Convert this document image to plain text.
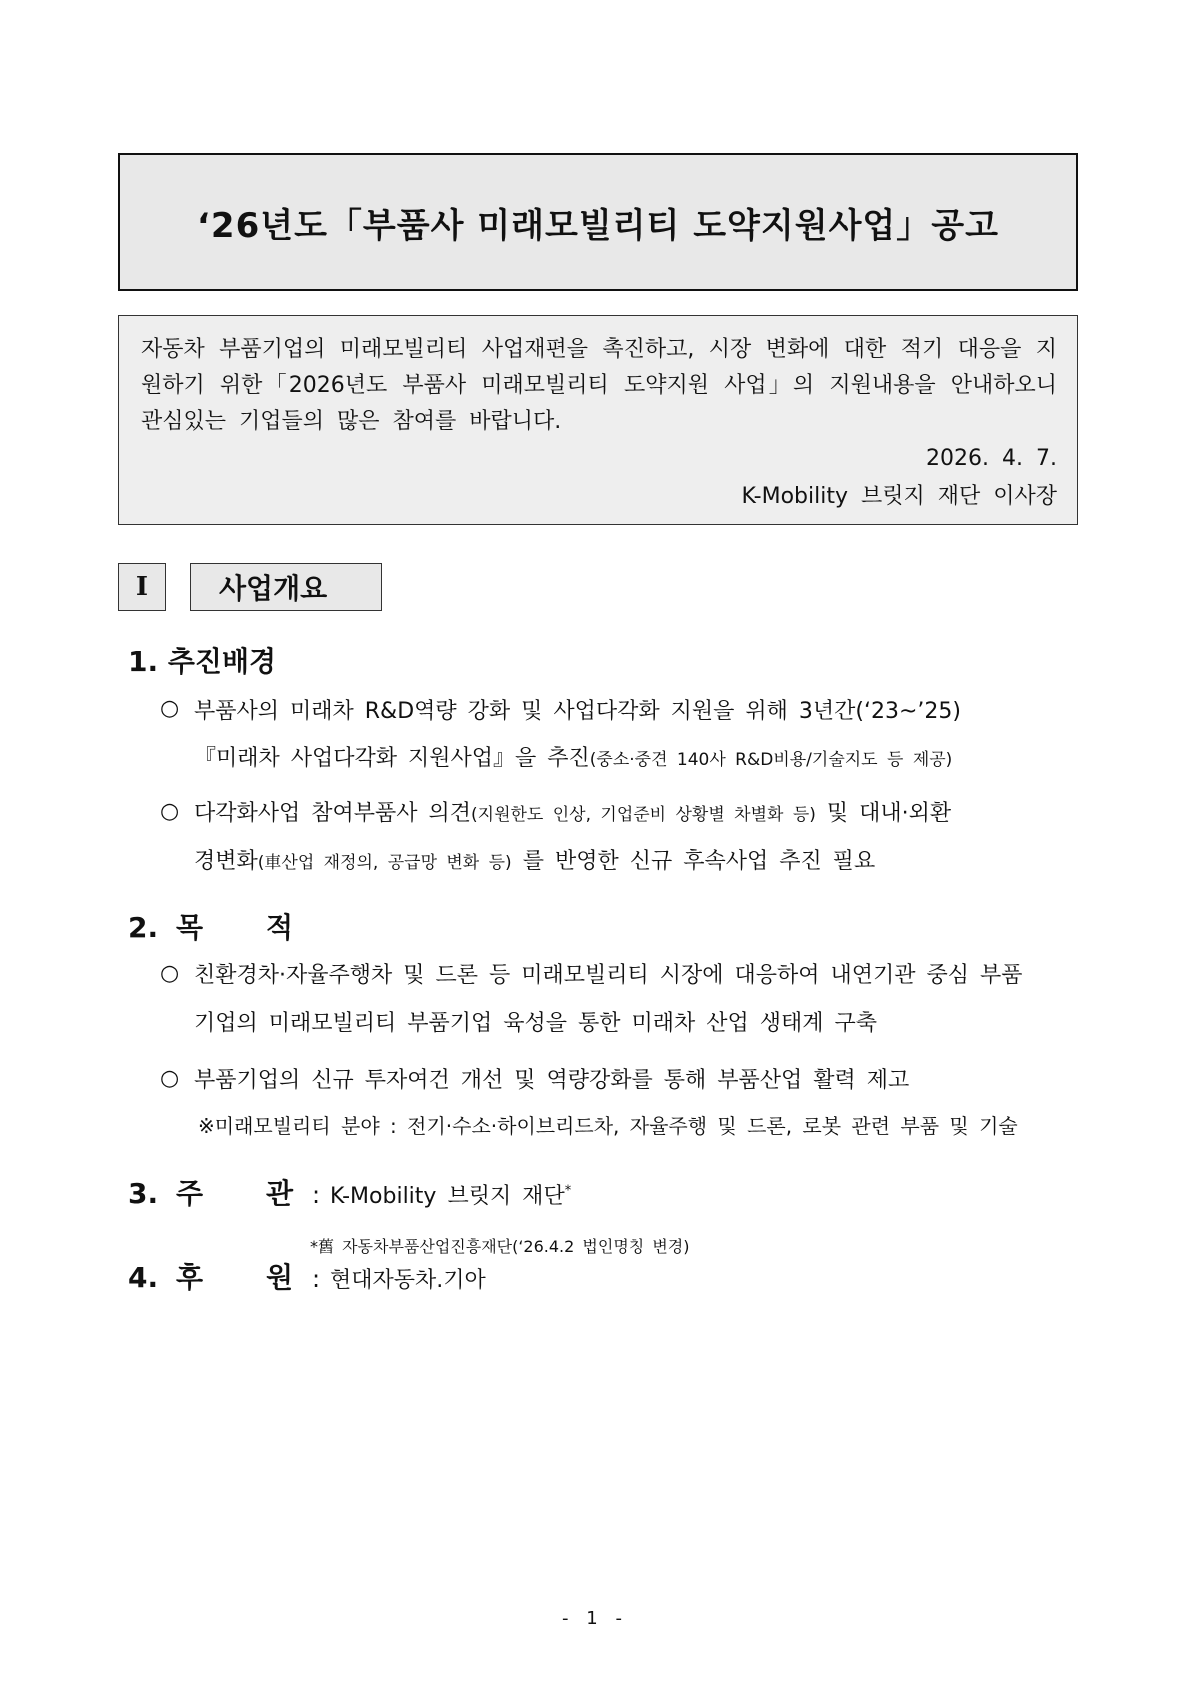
‘26년도「부품사 미래모빌리티 도약지원사업」공고

자동차 부품기업의 미래모빌리티 사업재편을 촉진하고, 시장 변화에 대한 적기 대응을 지원하기 위한「2026년도 부품사 미래모빌리티 도약지원 사업」의 지원내용을 안내하오니 관심있는 기업들의 많은 참여를 바랍니다.

2026. 4. 7.

K-Mobility 브릿지 재단 이사장

I	사업개요
1. 추진배경
○ 부품사의 미래차 R&D역량 강화 및 사업다각화 지원을 위해 3년간(‘23~’25)

『미래차 사업다각화 지원사업』을 추진(중소·중견 140사 R&D비용/기술지도 등 제공)

○ 다각화사업 참여부품사 의견(지원한도 인상, 기업준비 상황별 차별화 등) 및 대내·외환

경변화(車산업 재정의, 공급망 변화 등) 를 반영한 신규 후속사업 추진 필요

2. 목	적
○ 친환경차·자율주행차 및 드론 등 미래모빌리티 시장에 대응하여 내연기관 중심 부품

기업의 미래모빌리티 부품기업 육성을 통한 미래차 산업 생태계 구축

○ 부품기업의 신규 투자여건 개선 및 역량강화를 통해 부품산업 활력 제고

※미래모빌리티 분야 : 전기·수소·하이브리드차, 자율주행 및 드론, 로봇 관련 부품 및 기술

3. 주	관 : K-Mobility 브릿지 재단*

*舊 자동차부품산업진흥재단(‘26.4.2 법인명칭 변경)

4. 후	원 : 현대자동차.기아
- 1 -
